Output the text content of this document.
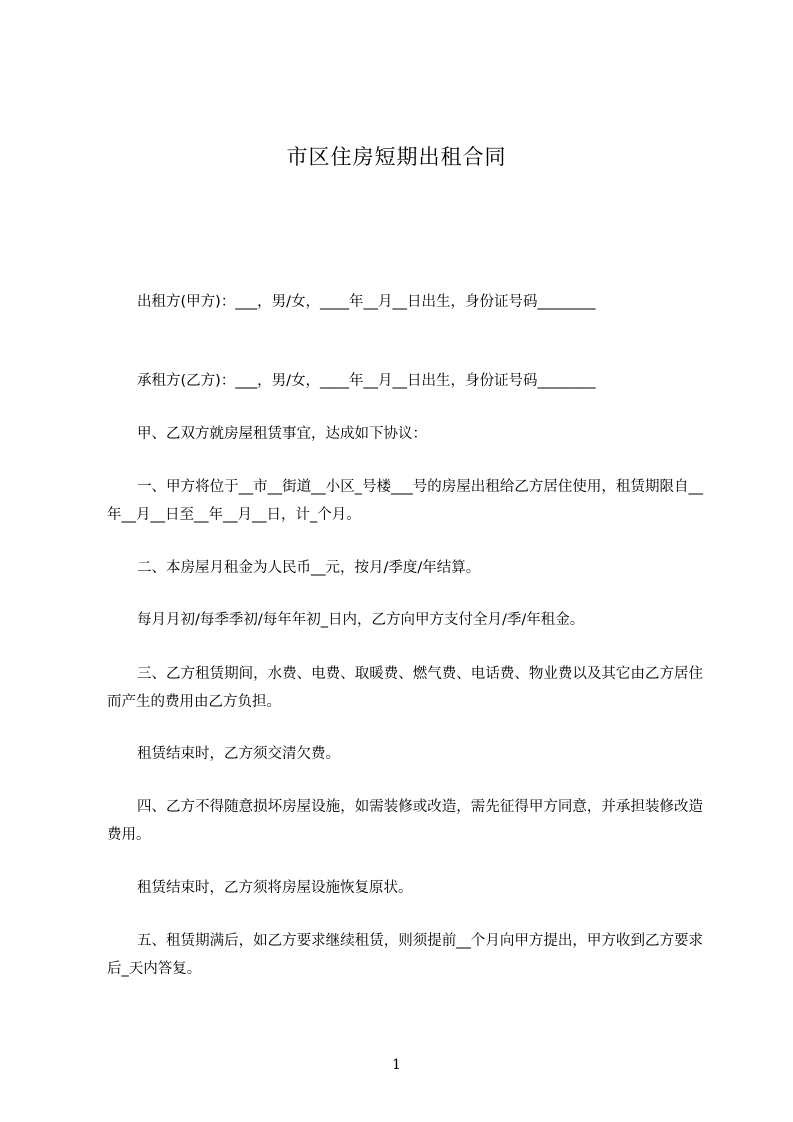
市区住房短期出租合同
出租方(甲方)：___，男/女，____年__月__日出生，身份证号码________
承租方(乙方)：___，男/女，____年__月__日出生，身份证号码________
甲、乙双方就房屋租赁事宜，达成如下协议：
一、甲方将位于__市__街道__小区_号楼___号的房屋出租给乙方居住使用，租赁期限自__年__月__日至__年__月__日，计_个月。
二、本房屋月租金为人民币__元，按月/季度/年结算。
每月月初/每季季初/每年年初_日内，乙方向甲方支付全月/季/年租金。
三、乙方租赁期间，水费、电费、取暖费、燃气费、电话费、物业费以及其它由乙方居住而产生的费用由乙方负担。
租赁结束时，乙方须交清欠费。
四、乙方不得随意损坏房屋设施，如需装修或改造，需先征得甲方同意，并承担装修改造费用。
租赁结束时，乙方须将房屋设施恢复原状。
五、租赁期满后，如乙方要求继续租赁，则须提前__个月向甲方提出，甲方收到乙方要求后_天内答复。
1
